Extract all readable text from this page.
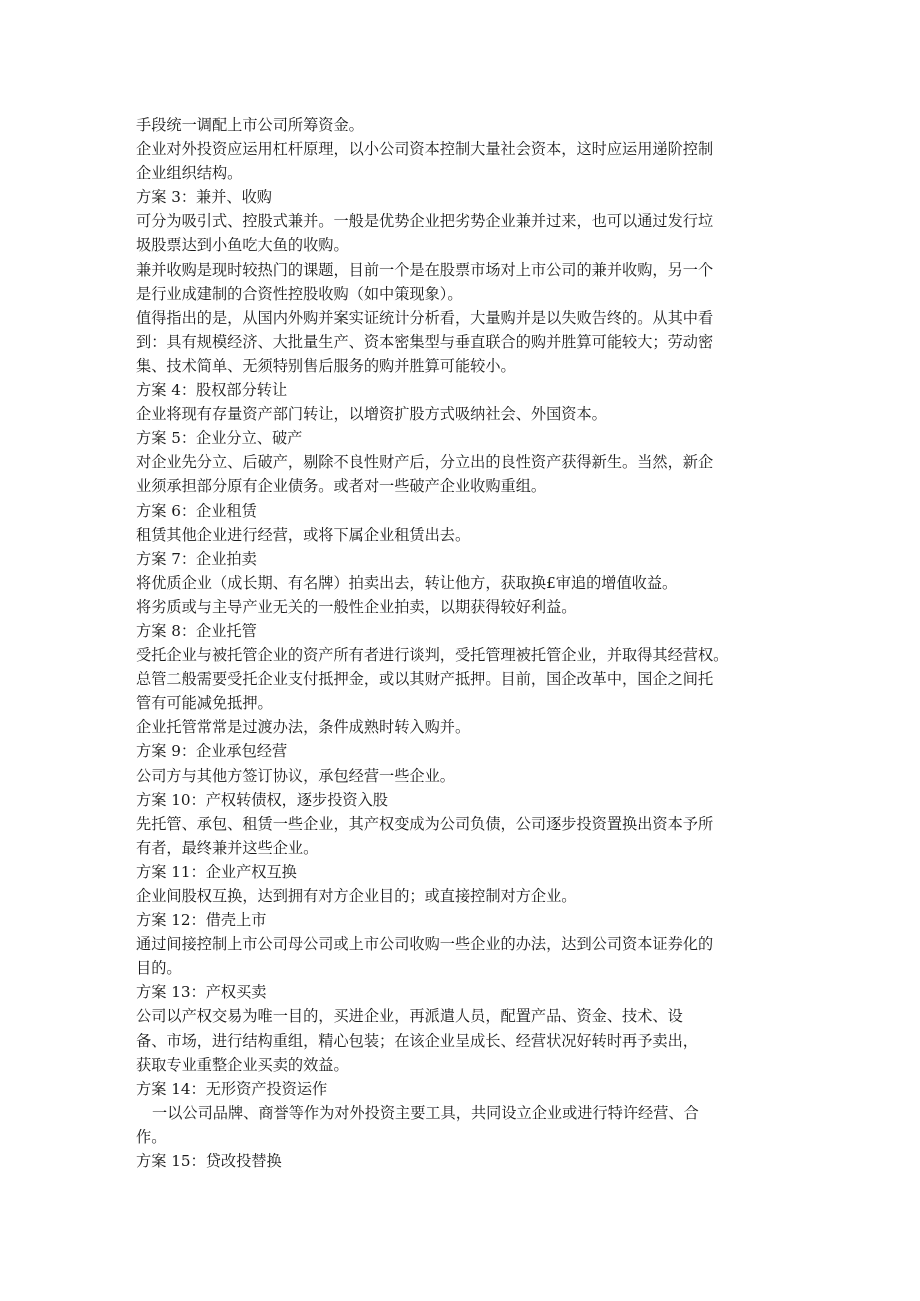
手段统一调配上市公司所筹资金。

企业对外投资应运用杠杆原理，以小公司资本控制大量社会资本，这时应运用递阶控制

企业组织结构。

方案 3：兼并、收购

可分为吸引式、控股式兼并。一般是优势企业把劣势企业兼并过来，也可以通过发行垃

圾股票达到小鱼吃大鱼的收购。

兼并收购是现时较热门的课题，目前一个是在股票市场对上市公司的兼并收购，另一个

是行业成建制的合资性控股收购（如中策现象）。

值得指出的是，从国内外购并案实证统计分析看，大量购并是以失败告终的。从其中看

到：具有规模经济、大批量生产、资本密集型与垂直联合的购并胜算可能较大；劳动密

集、技术简单、无须特别售后服务的购并胜算可能较小。

方案 4：股权部分转让

企业将现有存量资产部门转让，以增资扩股方式吸纳社会、外国资本。

方案 5：企业分立、破产

对企业先分立、后破产，剔除不良性财产后，分立出的良性资产获得新生。当然，新企

业须承担部分原有企业债务。或者对一些破产企业收购重组。

方案 6：企业租赁

租赁其他企业进行经营，或将下属企业租赁出去。

方案 7：企业拍卖

将优质企业（成长期、有名牌）拍卖出去，转让他方，获取换£审追的增值收益。

将劣质或与主导产业无关的一般性企业拍卖，以期获得较好利益。

方案 8：企业托管

受托企业与被托管企业的资产所有者进行谈判，受托管理被托管企业，并取得其经营权。

总管二般需要受托企业支付抵押金，或以其财产抵押。目前，国企改革中，国企之间托

管有可能减免抵押。

企业托管常常是过渡办法，条件成熟时转入购并。

方案 9：企业承包经营

公司方与其他方签订协议，承包经营一些企业。

方案 10：产权转债权，逐步投资入股

先托管、承包、租赁一些企业，其产权变成为公司负债，公司逐步投资置换出资本予所

有者，最终兼并这些企业。

方案 11：企业产权互换

企业间股权互换，达到拥有对方企业目的；或直接控制对方企业。

方案 12：借壳上市

通过间接控制上市公司母公司或上市公司收购一些企业的办法，达到公司资本证券化的

目的。

方案 13：产权买卖

公司以产权交易为唯一目的，买进企业，再派遣人员，配置产品、资金、技术、设

备、市场，进行结构重组，精心包装；在该企业呈成长、经营状况好转时再予卖出，

获取专业重整企业买卖的效益。

方案 14：无形资产投资运作

一以公司品牌、商誉等作为对外投资主要工具，共同设立企业或进行特许经营、合

作。

方案 15：贷改投替换
